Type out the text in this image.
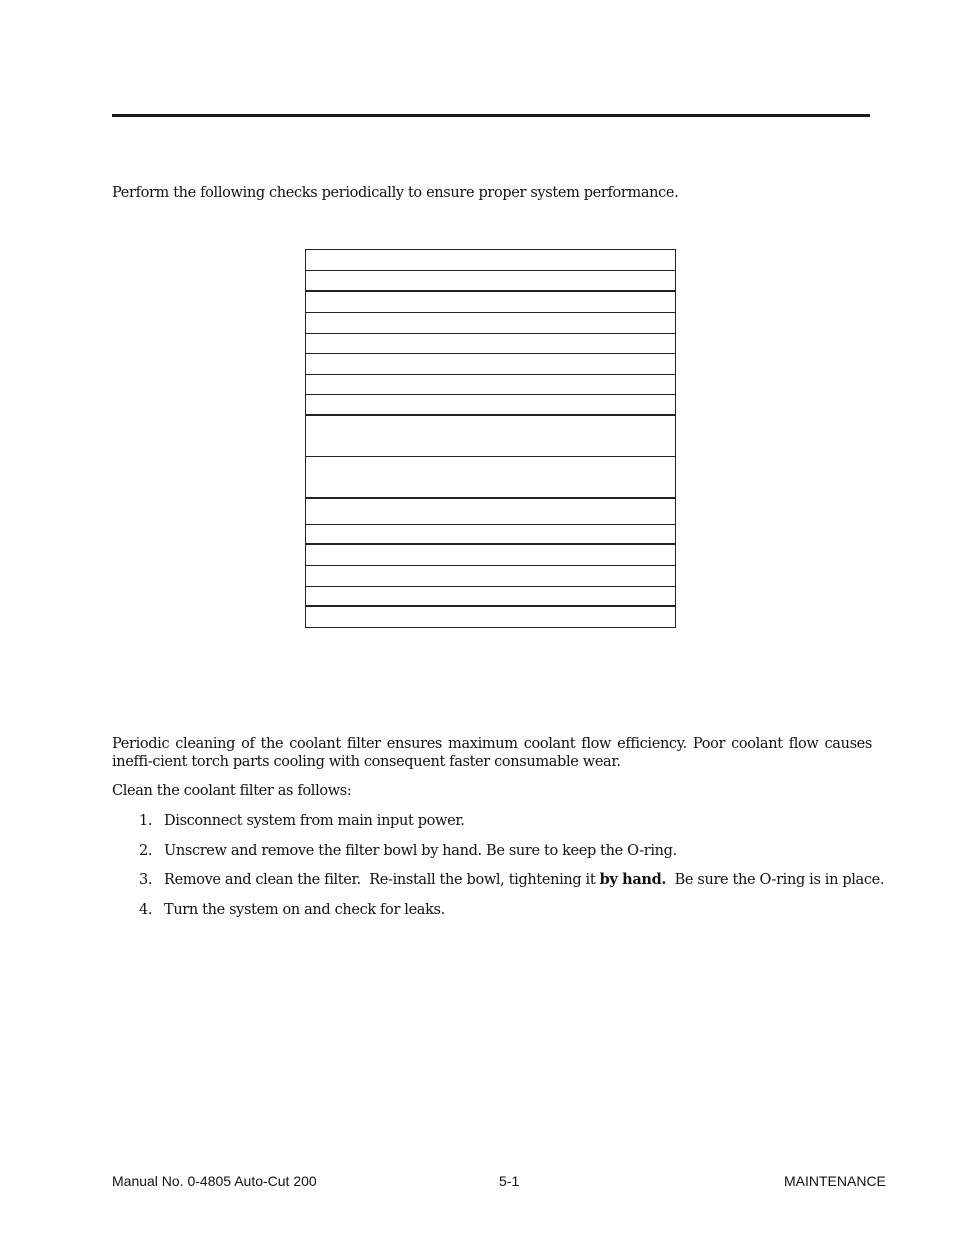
Perform the following checks periodically to ensure proper system performance.

Periodic cleaning of the coolant filter ensures maximum coolant flow efficiency. Poor coolant flow causes ineffi-cient torch parts cooling with consequent faster consumable wear.

Clean the coolant filter as follows:

1. Disconnect system from main input power.
2. Unscrew and remove the filter bowl by hand. Be sure to keep the O-ring.
3. Remove and clean the filter.  Re-install the bowl, tightening it by hand.  Be sure the O-ring is in place.
4. Turn the system on and check for leaks.
Manual No. 0-4805 Auto-Cut 200	5-1	MAINTENANCE
